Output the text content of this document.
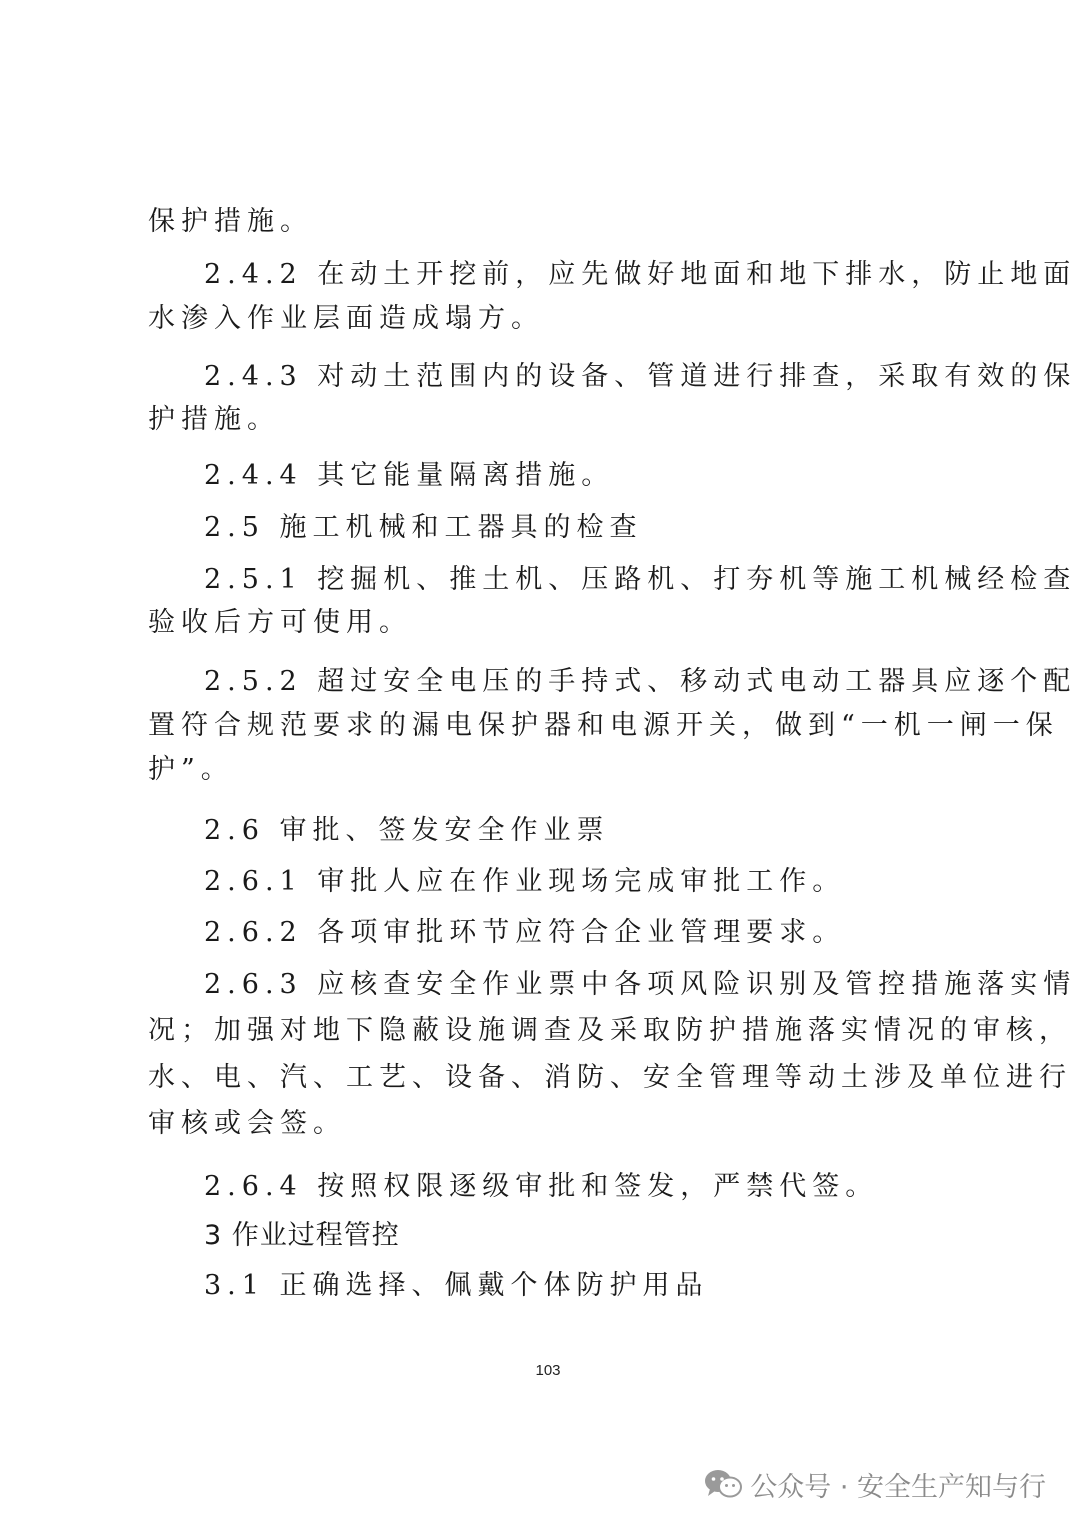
保护措施。
2.4.2 在动土开挖前，应先做好地面和地下排水，防止地面
水渗入作业层面造成塌方。
2.4.3 对动土范围内的设备、管道进行排查，采取有效的保
护措施。
2.4.4 其它能量隔离措施。
2.5 施工机械和工器具的检查
2.5.1 挖掘机、推土机、压路机、打夯机等施工机械经检查
验收后方可使用。
2.5.2 超过安全电压的手持式、移动式电动工器具应逐个配
置符合规范要求的漏电保护器和电源开关，做到“一机一闸一保
护”。
2.6 审批、签发安全作业票
2.6.1 审批人应在作业现场完成审批工作。
2.6.2 各项审批环节应符合企业管理要求。
2.6.3 应核查安全作业票中各项风险识别及管控措施落实情
况；加强对地下隐蔽设施调查及采取防护措施落实情况的审核，
水、电、汽、工艺、设备、消防、安全管理等动土涉及单位进行
审核或会签。
2.6.4 按照权限逐级审批和签发，严禁代签。
3 作业过程管控
3.1 正确选择、佩戴个体防护用品
103
公众号 · 安全生产知与行
